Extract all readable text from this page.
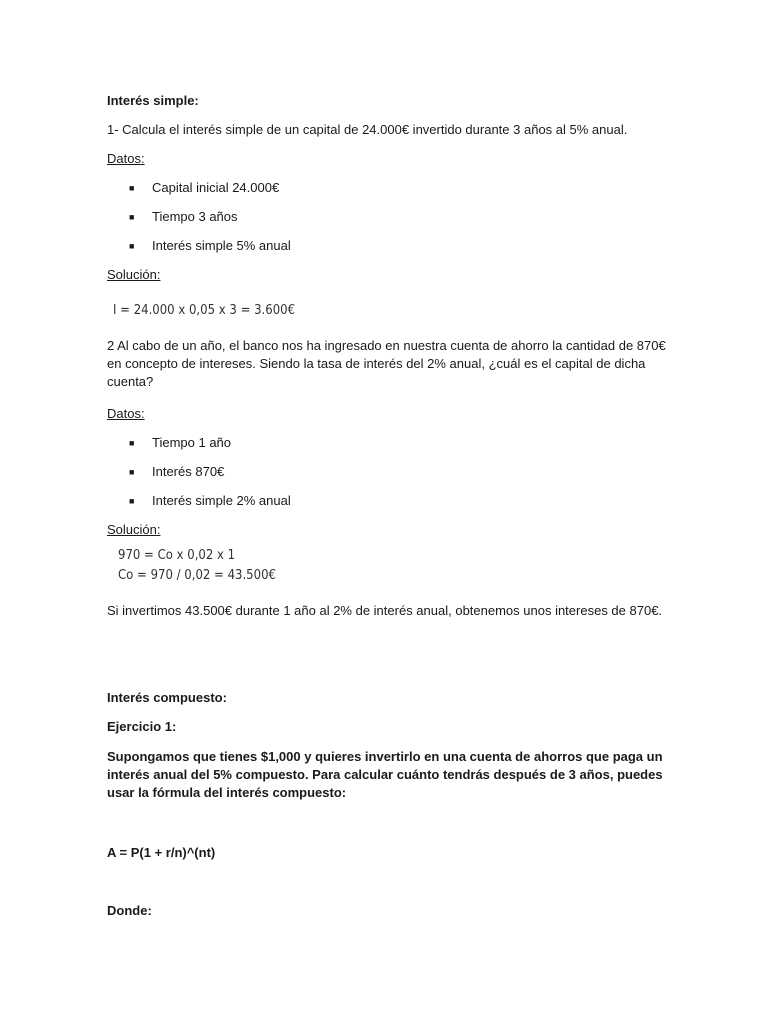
Interés simple:
1- Calcula el interés simple de un capital de 24.000€ invertido durante 3 años al 5% anual.
Datos:
■ Capital inicial 24.000€
■ Tiempo 3 años
■ Interés simple 5% anual
Solución:
I = 24.000 x 0,05 x 3 = 3.600€
2 Al cabo de un año, el banco nos ha ingresado en nuestra cuenta de ahorro la cantidad de 870€ en concepto de intereses. Siendo la tasa de interés del 2% anual, ¿cuál es el capital de dicha cuenta?
Datos:
■ Tiempo 1 año
■ Interés 870€
■ Interés simple 2% anual
Solución:
970 = Co x 0,02 x 1
Co = 970 / 0,02 = 43.500€
Si invertimos 43.500€ durante 1 año al 2% de interés anual, obtenemos unos intereses de 870€.
Interés compuesto:
Ejercicio 1:
Supongamos que tienes $1,000 y quieres invertirlo en una cuenta de ahorros que paga un interés anual del 5% compuesto. Para calcular cuánto tendrás después de 3 años, puedes usar la fórmula del interés compuesto:
A = P(1 + r/n)^(nt)
Donde:
